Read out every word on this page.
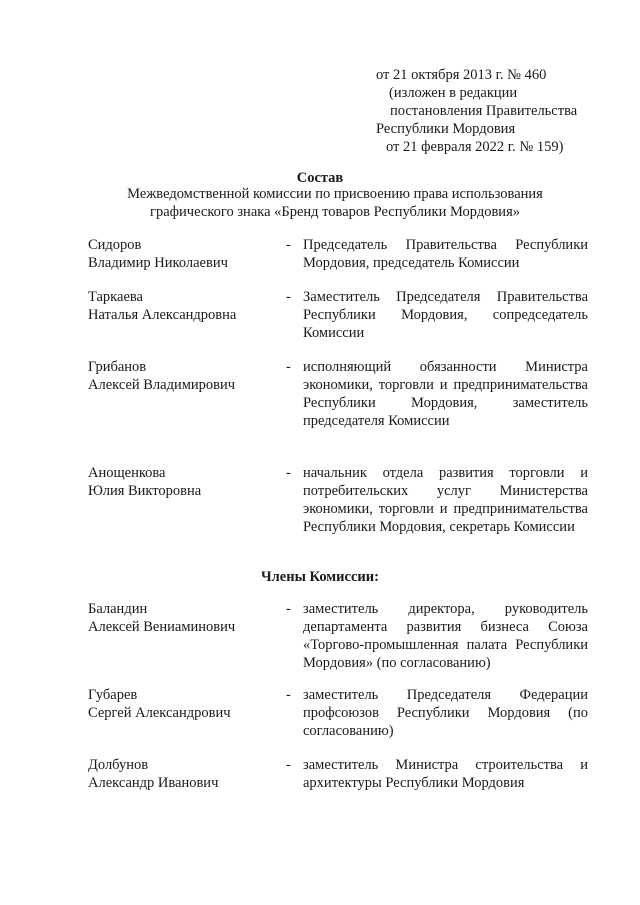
от 21 октября 2013 г. № 460
(изложен в редакции
постановления Правительства
Республики Мордовия
от 21 февраля 2022 г. № 159)
Состав
Межведомственной комиссии по присвоению права использования графического знака «Бренд товаров Республики Мордовия»
Сидоров
Владимир Николаевич
- Председатель Правительства Республики Мордовия, председатель Комиссии
Таркаева
Наталья Александровна
- Заместитель Председателя Правительства Республики Мордовия, сопредседатель Комиссии
Грибанов
Алексей Владимирович
- исполняющий обязанности Министра экономики, торговли и предпринимательства Республики Мордовия, заместитель председателя Комиссии
Анощенкова
Юлия Викторовна
- начальник отдела развития торговли и потребительских услуг Министерства экономики, торговли и предпринимательства Республики Мордовия, секретарь Комиссии
Члены Комиссии:
Баландин
Алексей Вениаминович
- заместитель директора, руководитель департамента развития бизнеса Союза «Торгово-промышленная палата Республики Мордовия» (по согласованию)
Губарев
Сергей Александрович
- заместитель Председателя Федерации профсоюзов Республики Мордовия (по согласованию)
Долбунов
Александр Иванович
- заместитель Министра строительства и архитектуры Республики Мордовия
